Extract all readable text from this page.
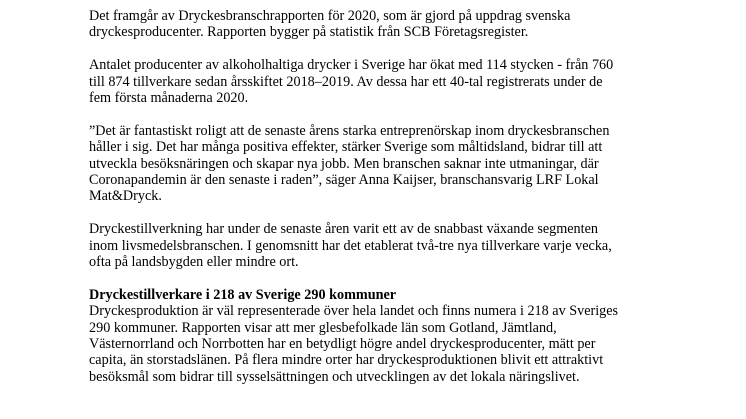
Det framgår av Dryckesbranschrapporten för 2020, som är gjord på uppdrag svenska
dryckesproducenter. Rapporten bygger på statistik från SCB Företagsregister.

Antalet producenter av alkoholhaltiga drycker i Sverige har ökat med 114 stycken - från 760
till 874 tillverkare sedan årsskiftet 2018–2019. Av dessa har ett 40-tal registrerats under de
fem första månaderna 2020.

”Det är fantastiskt roligt att de senaste årens starka entreprenörskap inom dryckesbranschen
håller i sig. Det har många positiva effekter, stärker Sverige som måltidsland, bidrar till att
utveckla besöksnäringen och skapar nya jobb. Men branschen saknar inte utmaningar, där
Coronapandemin är den senaste i raden”, säger Anna Kaijser, branschansvarig LRF Lokal
Mat&Dryck.

Dryckestillverkning har under de senaste åren varit ett av de snabbast växande segmenten
inom livsmedelsbranschen. I genomsnitt har det etablerat två-tre nya tillverkare varje vecka,
ofta på landsbygden eller mindre ort.

Dryckestillverkare i 218 av Sverige 290 kommuner

Dryckesproduktion är väl representerade över hela landet och finns numera i 218 av Sveriges
290 kommuner. Rapporten visar att mer glesbefolkade län som Gotland, Jämtland,
Västernorrland och Norrbotten har en betydligt högre andel dryckesproducenter, mätt per
capita, än storstadslänen. På flera mindre orter har dryckesproduktionen blivit ett attraktivt
besöksmål som bidrar till sysselsättningen och utvecklingen av det lokala näringslivet.
